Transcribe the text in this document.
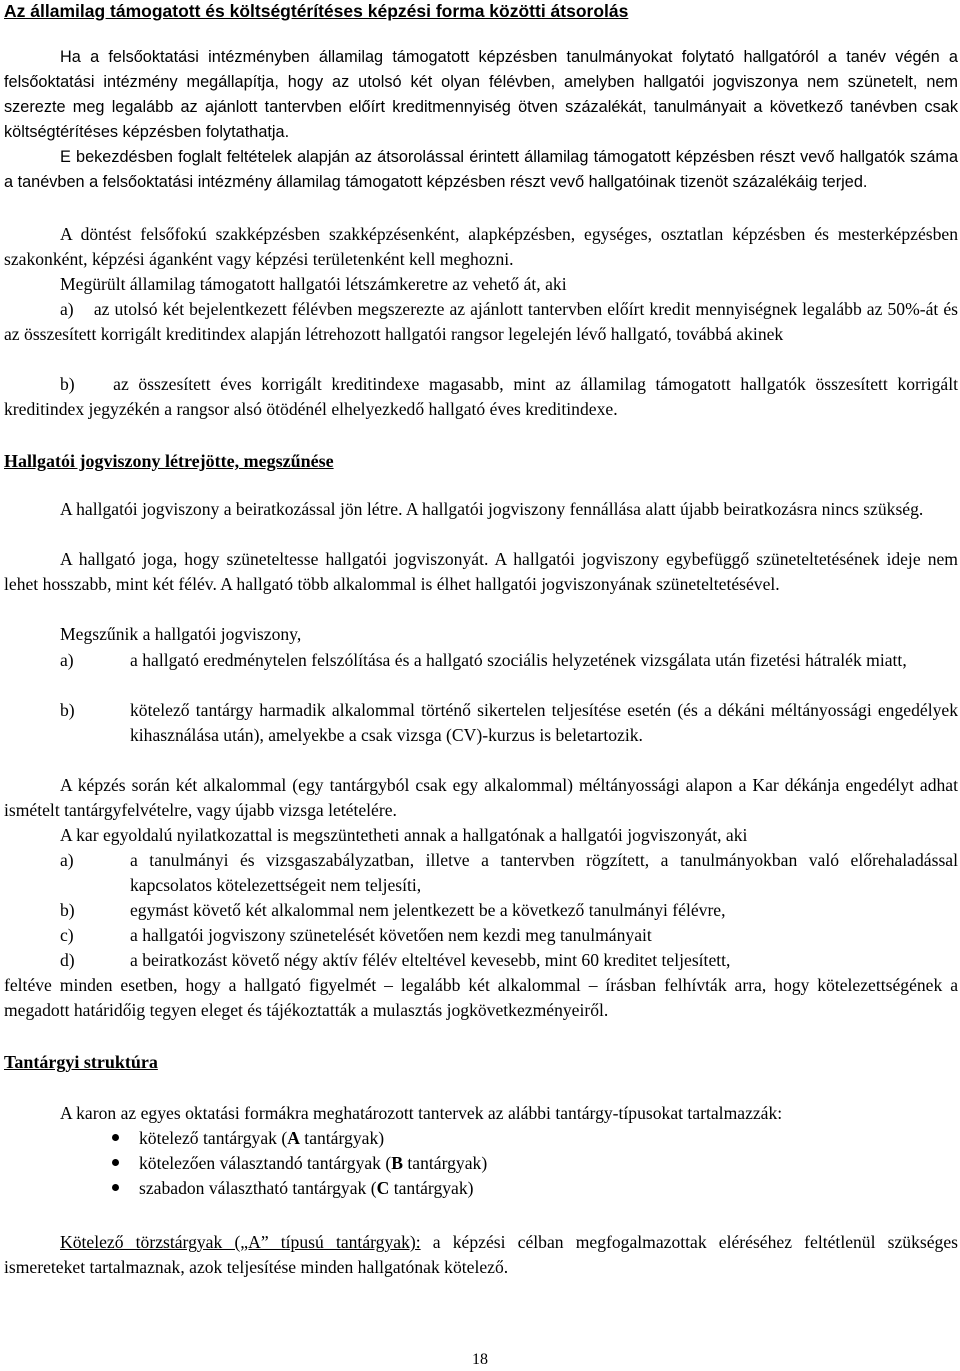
Az államilag támogatott és költségtérítéses képzési forma közötti átsorolás

Ha a felsőoktatási intézményben államilag támogatott képzésben tanulmányokat folytató hallgatóról a tanév végén a felsőoktatási intézmény megállapítja, hogy az utolsó két olyan félévben, amelyben hallgatói jogviszonya nem szünetelt, nem szerezte meg legalább az ajánlott tantervben előírt kreditmennyiség ötven százalékát, tanulmányait a következő tanévben csak költségtérítéses képzésben folytathatja.

E bekezdésben foglalt feltételek alapján az átsorolással érintett államilag támogatott képzésben részt vevő hallgatók száma a tanévben a felsőoktatási intézmény államilag támogatott képzésben részt vevő hallgatóinak tizenöt százalékáig terjed.

A döntést felsőfokú szakképzésben szakképzésenként, alapképzésben, egységes, osztatlan képzésben és mesterképzésben szakonként, képzési áganként vagy képzési területenként kell meghozni.

Megürült államilag támogatott hallgatói létszámkeretre az vehető át, aki

a)    az utolsó két bejelentkezett félévben megszerezte az ajánlott tantervben előírt kredit mennyiségnek legalább az 50%-át és az összesített korrigált kreditindex alapján létrehozott hallgatói rangsor legelején lévő hallgató, továbbá akinek

b)    az összesített éves korrigált kreditindexe magasabb, mint az államilag támogatott hallgatók összesített korrigált kreditindex jegyzékén a rangsor alsó ötödénél elhelyezkedő hallgató éves kreditindexe.

Hallgatói jogviszony létrejötte, megszűnése

A hallgatói jogviszony a beiratkozással jön létre. A hallgatói jogviszony fennállása alatt újabb beiratkozásra nincs szükség.

A hallgató joga, hogy szüneteltesse hallgatói jogviszonyát. A hallgatói jogviszony egybefüggő szüneteltetésének ideje nem lehet hosszabb, mint két félév. A hallgató több alkalommal is élhet hallgatói jogviszonyának szüneteltetésével.

Megszűnik a hallgatói jogviszony,

a)	a hallgató eredménytelen felszólítása és a hallgató szociális helyzetének vizsgálata után fizetési hátralék miatt,

b)	kötelező tantárgy harmadik alkalommal történő sikertelen teljesítése esetén (és a dékáni méltányossági engedélyek kihasználása után), amelyekbe a csak vizsga (CV)-kurzus is beletartozik.

A képzés során két alkalommal (egy tantárgyból csak egy alkalommal) méltányossági alapon a Kar dékánja engedélyt adhat ismételt tantárgyfelvételre, vagy újabb vizsga letételére.

A kar egyoldalú nyilatkozattal is megszüntetheti annak a hallgatónak a hallgatói jogviszonyát, aki

a)	a tanulmányi és vizsgaszabályzatban, illetve a tantervben rögzített, a tanulmányokban való előrehaladással kapcsolatos kötelezettségeit nem teljesíti,

b)	egymást követő két alkalommal nem jelentkezett be a következő tanulmányi félévre,

c)	a hallgatói jogviszony szünetelését követően nem kezdi meg tanulmányait

d)	a beiratkozást követő négy aktív félév elteltével kevesebb, mint 60 kreditet teljesített,

feltéve minden esetben, hogy a hallgató figyelmét – legalább két alkalommal – írásban felhívták arra, hogy kötelezettségének a megadott határidőig tegyen eleget és tájékoztatták a mulasztás jogkövetkezményeiről.

Tantárgyi struktúra

A karon az egyes oktatási formákra meghatározott tantervek az alábbi tantárgy-típusokat tartalmazzák:

kötelező tantárgyak (A tantárgyak)

kötelezően választandó tantárgyak (B tantárgyak)

szabadon választható tantárgyak (C tantárgyak)

Kötelező törzstárgyak („A” típusú tantárgyak): a képzési célban megfogalmazottak eléréséhez feltétlenül szükséges ismereteket tartalmaznak, azok teljesítése minden hallgatónak kötelező.

18
